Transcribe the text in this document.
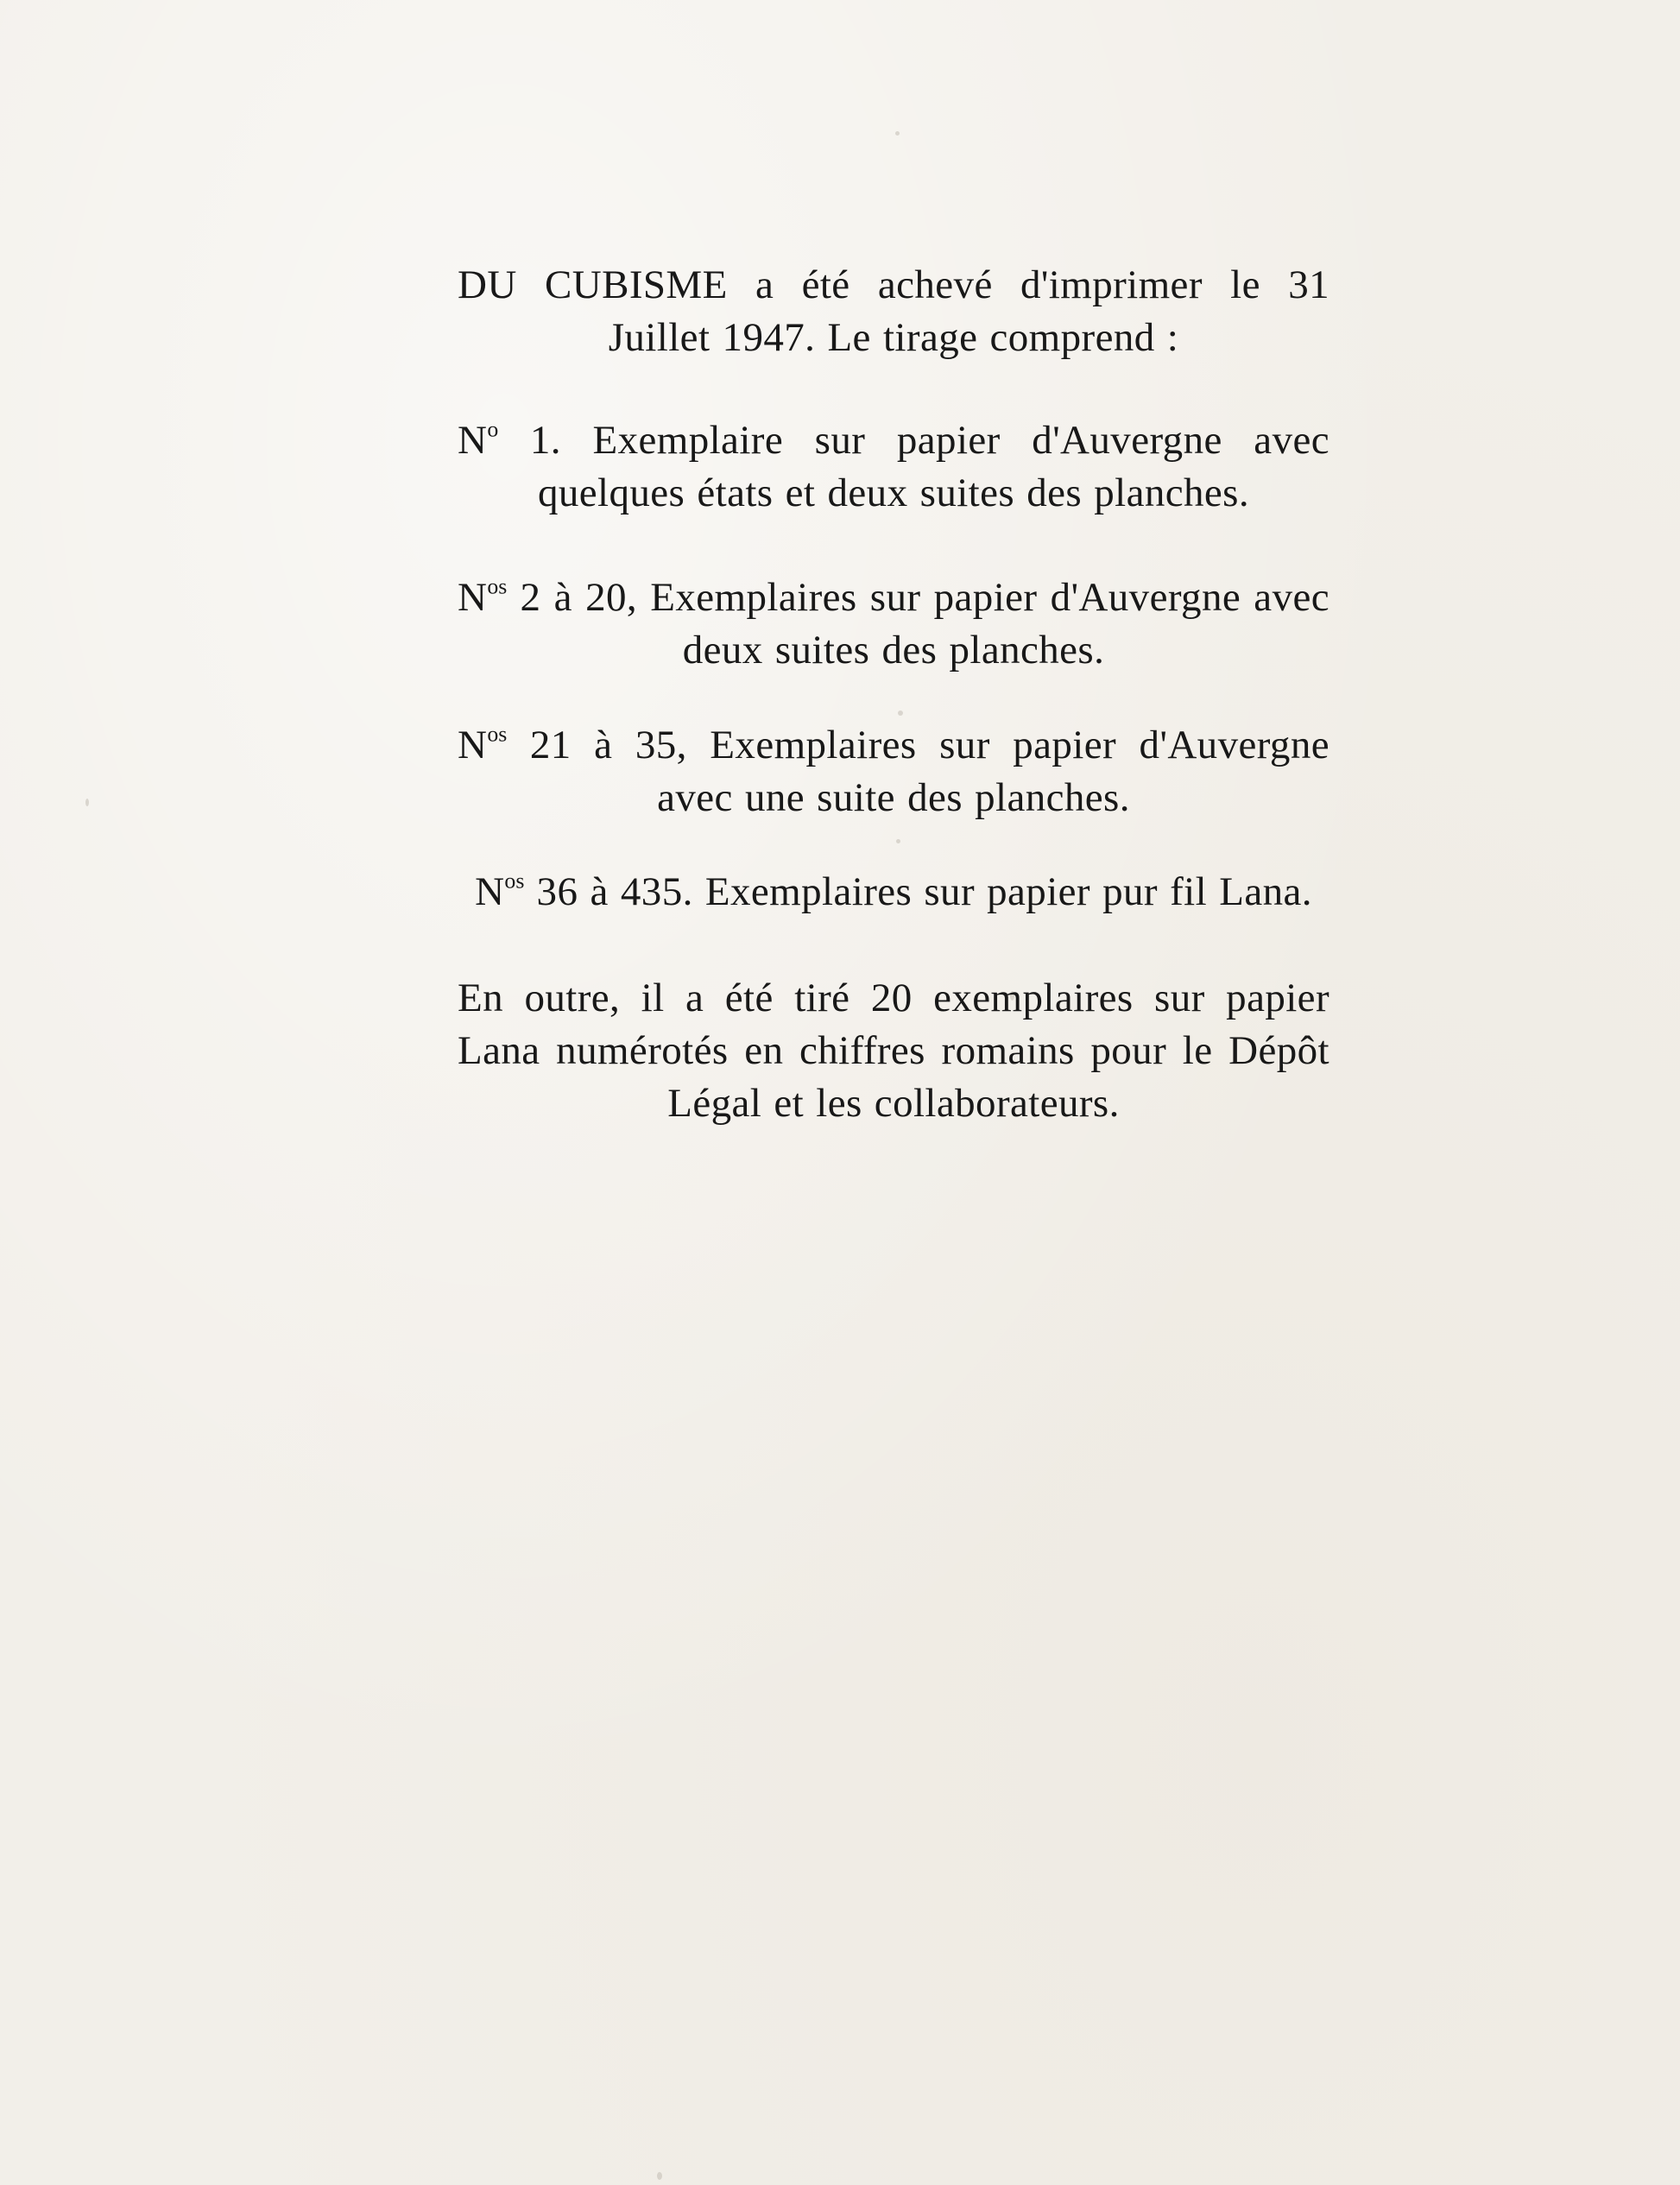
DU CUBISME a été achevé d'imprimer le 31 Juillet 1947. Le tirage comprend :

$N^o$ 1. Exemplaire sur papier d'Auvergne avec quelques états et deux suites des planches.

$N^{os}$ 2 à 20, Exemplaires sur papier d'Auvergne avec deux suites des planches.

$N^{os}$ 21 à 35, Exemplaires sur papier d'Auvergne avec une suite des planches.

$N^{os}$ 36 à 435. Exemplaires sur papier pur fil Lana.

En outre, il a été tiré 20 exemplaires sur papier Lana numérotés en chiffres romains pour le Dépôt Légal et les collaborateurs.
